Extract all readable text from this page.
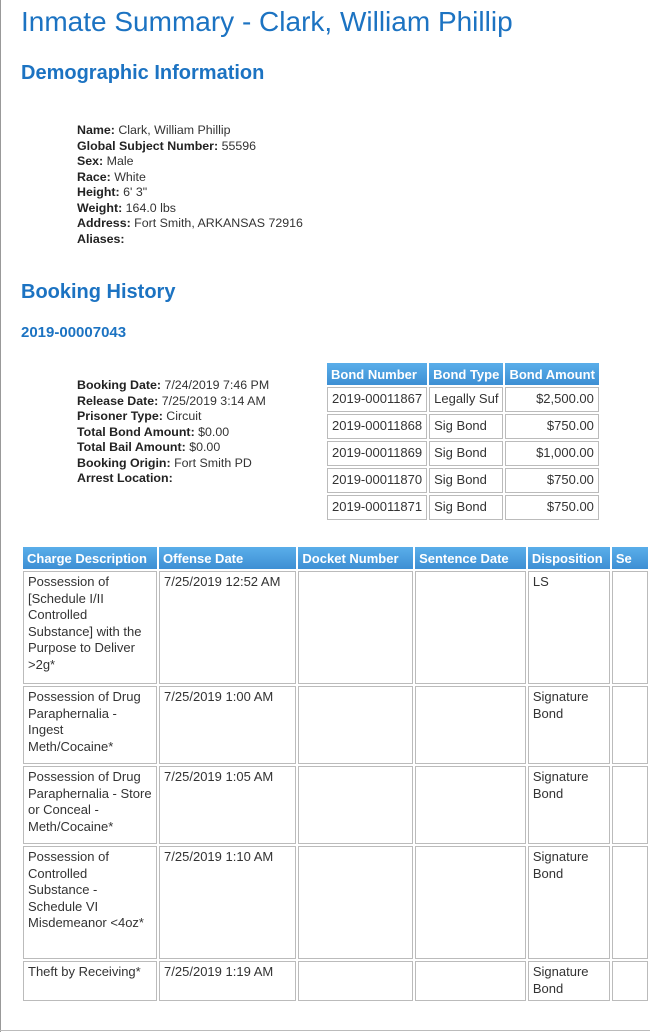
Inmate Summary - Clark, William Phillip
Demographic Information
Name: Clark, William Phillip
Global Subject Number: 55596
Sex: Male
Race: White
Height: 6' 3"
Weight: 164.0 lbs
Address: Fort Smith, ARKANSAS 72916
Aliases:
Booking History
2019-00007043
Booking Date: 7/24/2019 7:46 PM
Release Date: 7/25/2019 3:14 AM
Prisoner Type: Circuit
Total Bond Amount: $0.00
Total Bail Amount: $0.00
Booking Origin: Fort Smith PD
Arrest Location:
Bond Number	Bond Type	Bond Amount
2019-00011867	Legally Suf	$2,500.00
2019-00011868	Sig Bond	$750.00
2019-00011869	Sig Bond	$1,000.00
2019-00011870	Sig Bond	$750.00
2019-00011871	Sig Bond	$750.00
Charge Description	Offense Date	Docket Number	Sentence Date	Disposition	Se
Possession of [Schedule I/II Controlled Substance] with the Purpose to Deliver >2g*	7/25/2019 12:52 AM			LS	
Possession of Drug Paraphernalia - Ingest Meth/Cocaine*	7/25/2019 1:00 AM			Signature Bond	
Possession of Drug Paraphernalia - Store or Conceal - Meth/Cocaine*	7/25/2019 1:05 AM			Signature Bond	
Possession of Controlled Substance - Schedule VI Misdemeanor <4oz*	7/25/2019 1:10 AM			Signature Bond	
Theft by Receiving*	7/25/2019 1:19 AM			Signature Bond	
